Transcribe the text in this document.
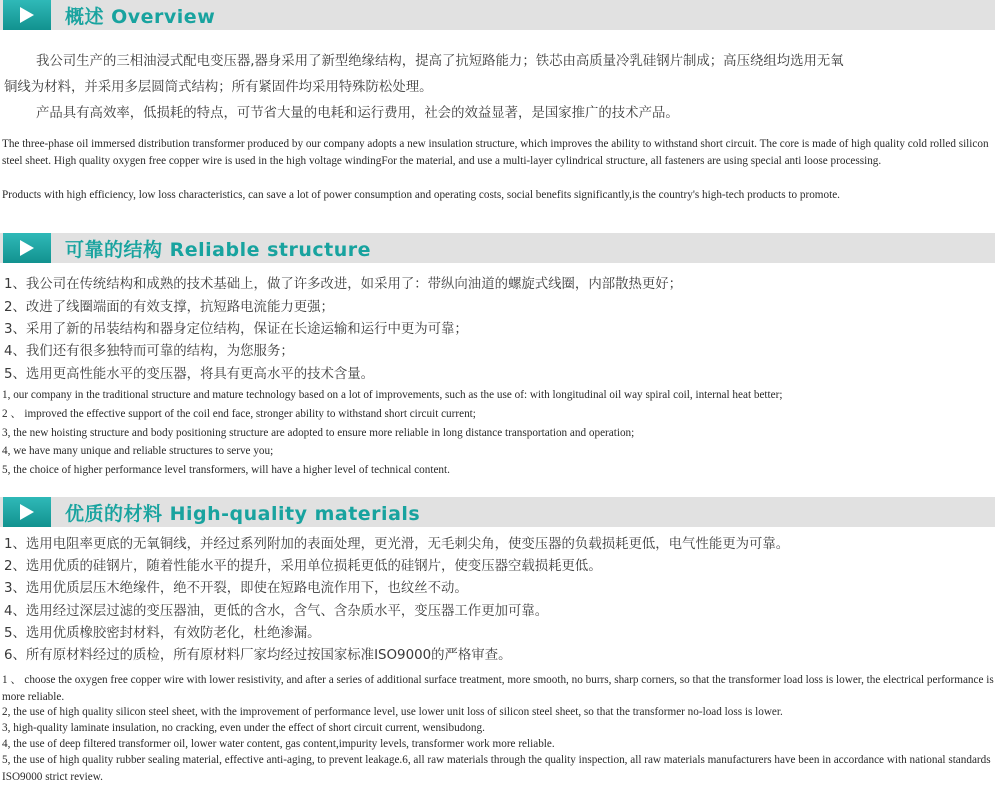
概述 Overview
我公司生产的三相油浸式配电变压器,器身采用了新型绝缘结构，提高了抗短路能力；铁芯由高质量冷乳硅钢片制成；高压绕组均选用无氧
铜线为材料，并采用多层圆筒式结构；所有紧固件均采用特殊防松处理。
产品具有高效率，低损耗的特点，可节省大量的电耗和运行费用，社会的效益显著，是国家推广的技术产品。
The three-phase oil immersed distribution transformer produced by our company adopts a new insulation structure, which improves the ability to withstand short circuit. The core is made of high quality cold rolled silicon steel sheet. High quality oxygen free copper wire is used in the high voltage windingFor the material, and use a multi-layer cylindrical structure, all fasteners are using special anti loose processing.
Products with high efficiency, low loss characteristics, can save a lot of power consumption and operating costs, social benefits significantly,is the country's high-tech products to promote.
可靠的结构 Reliable structure
1、我公司在传统结构和成熟的技术基础上，做了许多改进，如采用了：带纵向油道的螺旋式线圈，内部散热更好；
2、改进了线圈端面的有效支撑，抗短路电流能力更强；
3、采用了新的吊装结构和器身定位结构，保证在长途运输和运行中更为可靠；
4、我们还有很多独特而可靠的结构，为您服务；
5、选用更高性能水平的变压器，将具有更高水平的技术含量。
1, our company in the traditional structure and mature technology based on a lot of improvements, such as the use of: with longitudinal oil way spiral coil, internal heat better;
2 、 improved the effective support of the coil end face, stronger ability to withstand short circuit current;
3, the new hoisting structure and body positioning structure are adopted to ensure more reliable in long distance transportation and operation;
4, we have many unique and reliable structures to serve you;
5, the choice of higher performance level transformers, will have a higher level of technical content.
优质的材料 High-quality materials
1、选用电阻率更底的无氧铜线，并经过系列附加的表面处理，更光滑，无毛刺尖角，使变压器的负载损耗更低，电气性能更为可靠。
2、选用优质的硅钢片，随着性能水平的提升，采用单位损耗更低的硅钢片，使变压器空载损耗更低。
3、选用优质层压木绝缘件，绝不开裂，即使在短路电流作用下，也纹丝不动。
4、选用经过深层过滤的变压器油，更低的含水，含气、含杂质水平，变压器工作更加可靠。
5、选用优质橡胶密封材料，有效防老化，杜绝渗漏。
6、所有原材料经过的质检，所有原材料厂家均经过按国家标准ISO9000的严格审查。
1 、 choose the oxygen free copper wire with lower resistivity, and after a series of additional surface treatment, more smooth, no burrs, sharp corners, so that the transformer load loss is lower, the electrical performance is more reliable.
2, the use of high quality silicon steel sheet, with the improvement of performance level, use lower unit loss of silicon steel sheet, so that the transformer no-load loss is lower.
3, high-quality laminate insulation, no cracking, even under the effect of short circuit current, wensibudong.
4, the use of deep filtered transformer oil, lower water content, gas content,impurity levels, transformer work more reliable.
5, the use of high quality rubber sealing material, effective anti-aging, to prevent leakage.6, all raw materials through the quality inspection, all raw materials manufacturers have been in accordance with national standards ISO9000 strict review.
